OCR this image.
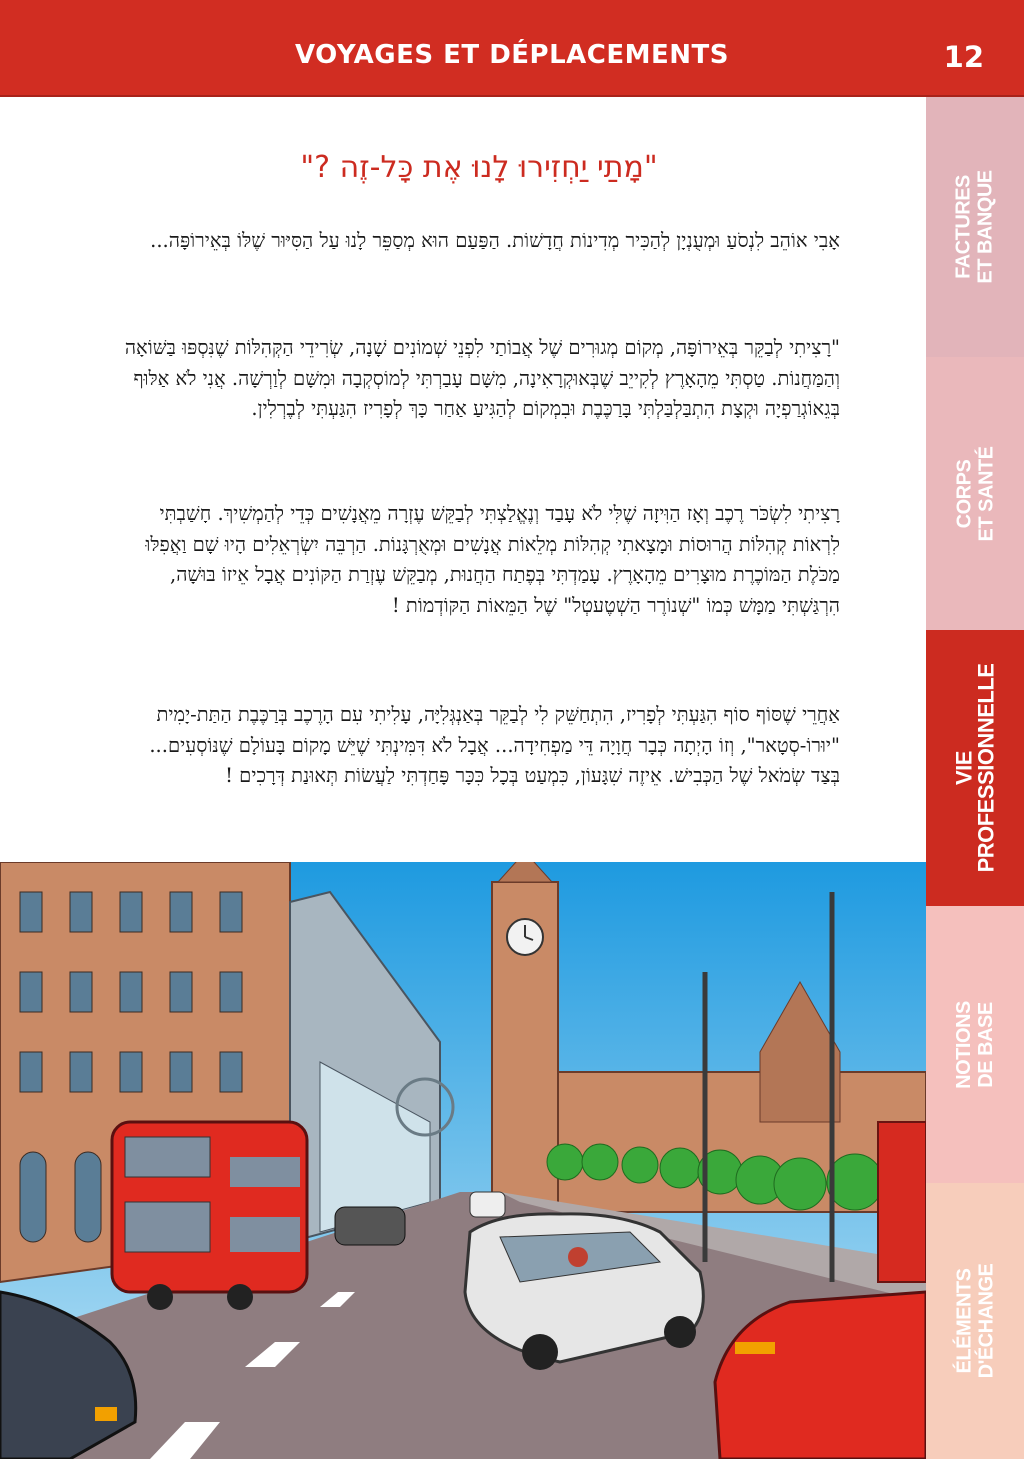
VOYAGES ET DÉPLACEMENTS	12
FACTURES ET BANQUE
CORPS ET SANTÉ
VIE
PROFESSIONNELLE
NOTIONS DE BASE
ÉLÉMENTS D'ÉCHANGE
"מָתַי יַחְזִירוּ לָנוּ אֶת כָּל-זֶה ?"
אָבִי אוֹהֵב לִנְסֹעַ וּמְעֻנְיָן לְהַכִּיר מְדִינוֹת חֲדָשׁוֹת. הַפַּעַם הוּא מְסַפֵּר לָנוּ עַל הַסִּיּוּר שֶׁלּוֹ בְּאֵירוֹפָּה...
"רָצִיתִי לְבַקֵּר בְּאֵירוֹפָּה, מְקוֹם מְגוּרִים שֶׁל אֲבוֹתַי לִפְנֵי שְׁמוֹנִים שָׁנָה, שְׂרִידֵי הַקְּהִלּוֹת שֶׁנִּסְפּוּ בַּשּׁוֹאָה וְהַמַּחֲנוֹת. טַסְתִּי מֵהָאָרֶץ לְקִייֵב שֶׁבְּאוּקְרָאִינָה, מִשָּׁם עָבַרְתִּי לְמוֹסְקְבָה וּמִשָּׁם לְוַרְשָׁה. אֲנִי לֹא אַלּוּף בְּגֵאוֹגְרַפְיָה וּקְצָת הִתְבַּלְבַּלְתִּי בָּרַכֶּבֶת וּבִמְקוֹם לְהַגִּיעַ אַחַר כָּךְ לְפָרִיז הִגַּעְתִּי לְבֶרְלִין.
רָצִיתִי לִשְׂכֹּר רֶכֶב וְאָז הַוִּיזָה שֶׁלִּי לֹא עָבַד וְנֶאֱלַצְתִּי לְבַקֵּשׁ עֶזְרָה מֵאֲנָשִׁים כְּדֵי לְהַמְשִׁיךְ. חָשַׁבְתִּי לִרְאוֹת קְהִלּוֹת הֲרוּסוֹת וּמָצָאתִי קְהִלּוֹת מְלֵאוֹת אֲנָשִׁים וּמְאֻרְגָּנוֹת. הַרְבֵּה יִשְׂרְאֵלִים הָיוּ שָׁם וַאֲפִלּוּ מַכֹּלֶת הַמּוֹכֶרֶת מוּצָרִים מֵהָאָרֶץ. עָמַדְתִּי בְּפֶתַח הַחֲנוּת, מְבַקֵּשׁ עֶזְרַת הַקּוֹנִים אֲבָל אֵיזוֹ בּוּשָׁה, הִרְגַּשְׁתִּי מַמָּשׁ כְּמוֹ "שְׁנוֹרֶר הַשְׁטֶעטְל" שֶׁל הַמֵּאוֹת הַקּוֹדְמוֹת !
אַחֲרֵי שֶׁסּוֹף סוֹף הִגַּעְתִּי לְפָרִיז, הִתְחַשֵּׁק לִי לְבַקֵּר בְּאַנְגְּלִיָּה, עָלִיתִי עִם הָרֶכֶב בְּרַכֶּבֶת הַתַּת-יָמִית "יוּרוֹ-סְטָאר", וְזוֹ הָיְתָה כְּבָר חֲוָיָה דֵּי מַפְחִידָה... אֲבָל לֹא דִּמִּינְתִּי שֶׁיֵּשׁ מָקוֹם בָּעוֹלָם שֶׁנּוֹסְעִים... בְּצַד שְׂמֹאל שֶׁל הַכְּבִישׁ. אֵיזֶה שִׁגָּעוֹן, כִּמְעַט בְּכָל כִּכָּר פָּחַדְתִּי לַעֲשׂוֹת תְּאוּנַת דְּרָכִים !
